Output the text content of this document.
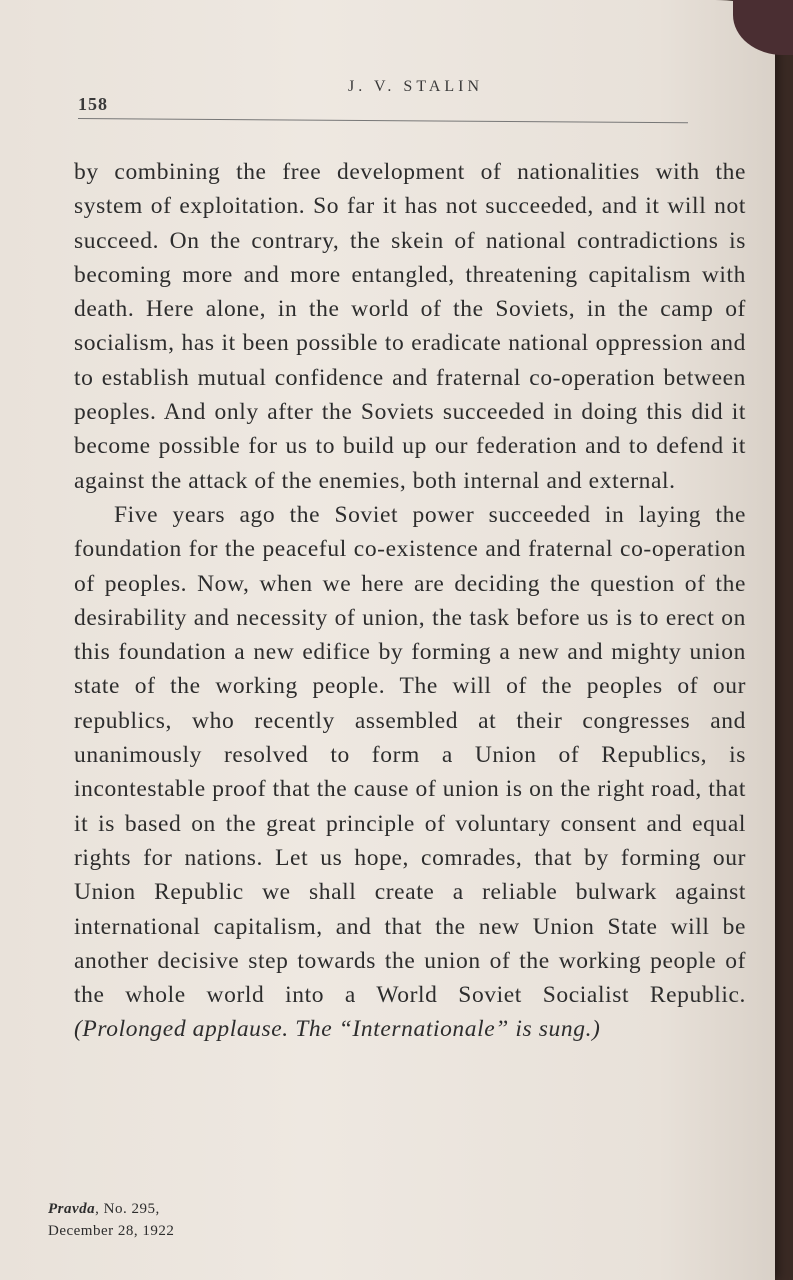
158
J. V. STALIN

by combining the free development of nationalities with the system of exploitation. So far it has not succeeded, and it will not succeed. On the contrary, the skein of national contradictions is becoming more and more entangled, threatening capitalism with death. Here alone, in the world of the Soviets, in the camp of socialism, has it been possible to eradicate national oppression and to establish mutual confidence and fraternal co-operation between peoples. And only after the Soviets succeeded in doing this did it become possible for us to build up our federation and to defend it against the attack of the enemies, both internal and external.

Five years ago the Soviet power succeeded in laying the foundation for the peaceful co-existence and fraternal co-operation of peoples. Now, when we here are deciding the question of the desirability and necessity of union, the task before us is to erect on this foundation a new edifice by forming a new and mighty union state of the working people. The will of the peoples of our republics, who recently assembled at their congresses and unanimously resolved to form a Union of Republics, is incontestable proof that the cause of union is on the right road, that it is based on the great principle of voluntary consent and equal rights for nations. Let us hope, comrades, that by forming our Union Republic we shall create a reliable bulwark against international capitalism, and that the new Union State will be another decisive step towards the union of the working people of the whole world into a World Soviet Socialist Republic. (Prolonged applause. The “Internationale” is sung.)

Pravda, No. 295,
December 28, 1922
